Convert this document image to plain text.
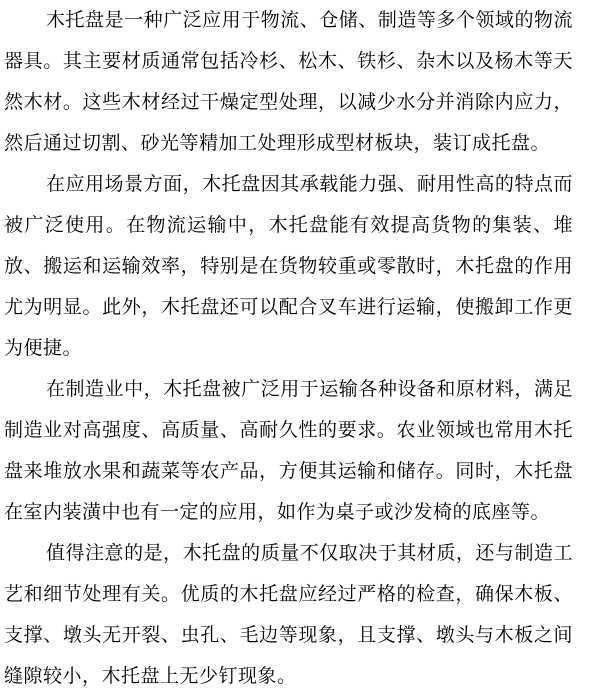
木托盘是一种广泛应用于物流、仓储、制造等多个领域的物流器具。其主要材质通常包括冷杉、松木、铁杉、杂木以及杨木等天然木材。这些木材经过干燥定型处理，以减少水分并消除内应力，然后通过切割、砂光等精加工处理形成型材板块，装订成托盘。

在应用场景方面，木托盘因其承载能力强、耐用性高的特点而被广泛使用。在物流运输中，木托盘能有效提高货物的集装、堆放、搬运和运输效率，特别是在货物较重或零散时，木托盘的作用尤为明显。此外，木托盘还可以配合叉车进行运输，使搬卸工作更为便捷。

在制造业中，木托盘被广泛用于运输各种设备和原材料，满足制造业对高强度、高质量、高耐久性的要求。农业领域也常用木托盘来堆放水果和蔬菜等农产品，方便其运输和储存。同时，木托盘在室内装潢中也有一定的应用，如作为桌子或沙发椅的底座等。

值得注意的是，木托盘的质量不仅取决于其材质，还与制造工艺和细节处理有关。优质的木托盘应经过严格的检查，确保木板、支撑、墩头无开裂、虫孔、毛边等现象，且支撑、墩头与木板之间缝隙较小，木托盘上无少钉现象。
